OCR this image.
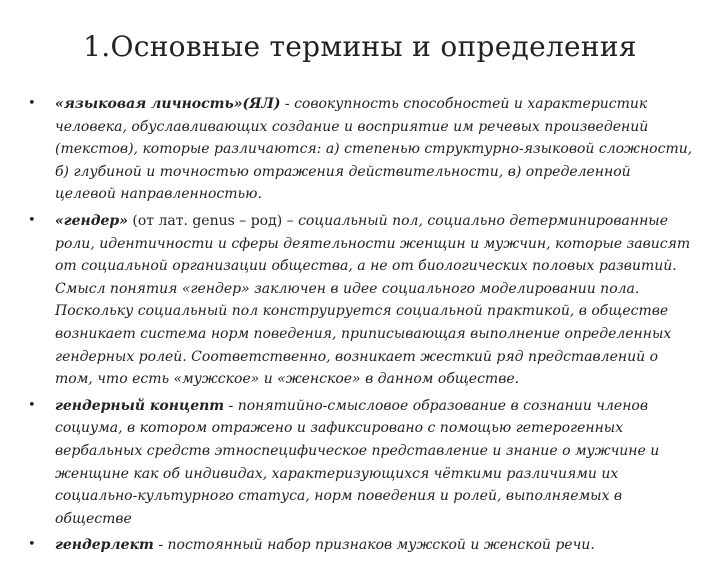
1.Основные термины и определения
• «языковая личность»(ЯЛ) - совокупность способностей и характеристик человека, обуславливающих создание и восприятие им речевых произведений (текстов), которые различаются: а) степенью структурно-языковой сложности, б) глубиной и точностью отражения действительности, в) определенной целевой направленностью.
• «гендер» (от лат. genus – род) – социальный пол, социально детерминированные роли, идентичности и сферы деятельности женщин и мужчин, которые зависят от социальной организации общества, а не от биологических половых развитий. Смысл понятия «гендер» заключен в идее социального моделировании пола. Поскольку социальный пол конструируется социальной практикой, в обществе возникает система норм поведения, приписывающая выполнение определенных гендерных ролей. Соответственно, возникает жесткий ряд представлений о том, что есть «мужское» и «женское» в данном обществе.
• гендерный концепт - понятийно-смысловое образование в сознании членов социума, в котором отражено и зафиксировано с помощью гетерогенных вербальных средств этноспецифическое представление и знание о мужчине и женщине как об индивидах, характеризующихся чёткими различиями их социально-культурного статуса, норм поведения и ролей, выполняемых в обществе
• гендерлект - постоянный набор признаков мужской и женской речи.
